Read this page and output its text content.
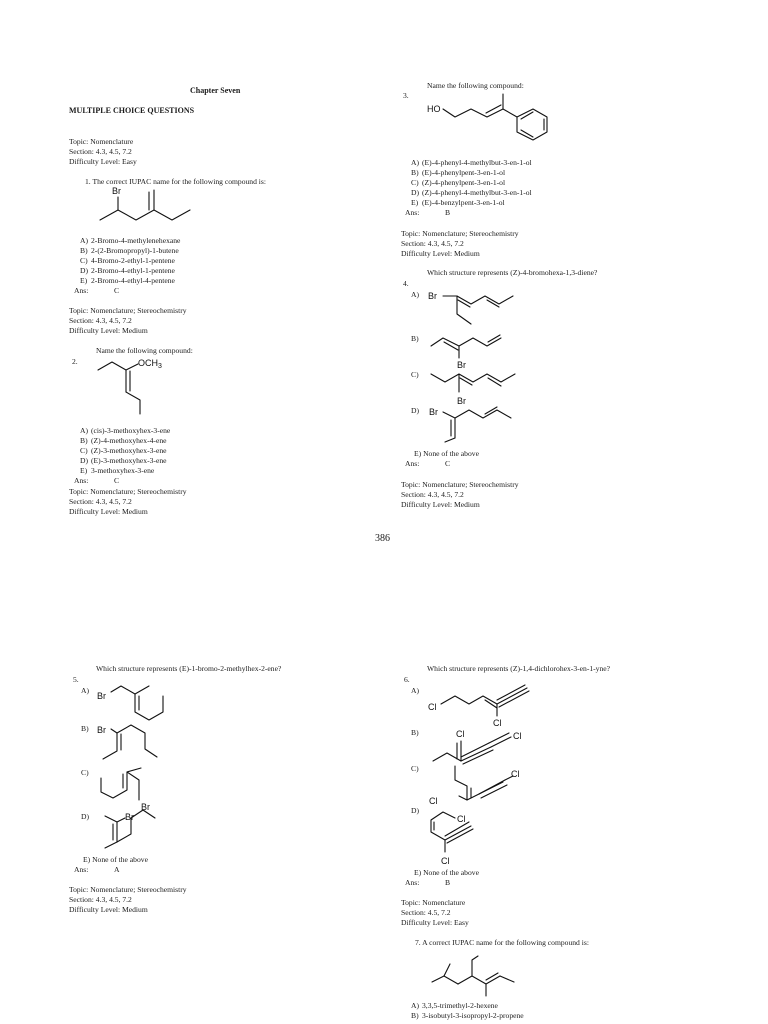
Chapter Seven
MULTIPLE CHOICE QUESTIONS
Topic: Nomenclature
Section: 4.3, 4.5, 7.2
Difficulty Level: Easy
1. The correct IUPAC name for the following compound is:
Br
A) 2-Bromo-4-methylenehexane
B) 2-(2-Bromopropyl)-1-butene
C) 4-Bromo-2-ethyl-1-pentene
D) 2-Bromo-4-ethyl-1-pentene
E) 2-Bromo-4-ethyl-4-pentene
Ans:	C
Topic: Nomenclature; Stereochemistry
Section: 4.3, 4.5, 7.2
Difficulty Level: Medium
Name the following compound:
2.	$OCH_3$
A) (cis)-3-methoxyhex-3-ene
B) (Z)-4-methoxyhex-4-ene
C) (Z)-3-methoxyhex-3-ene
D) (E)-3-methoxyhex-3-ene
E) 3-methoxyhex-3-ene
Ans:	C
Topic: Nomenclature; Stereochemistry
Section: 4.3, 4.5, 7.2
Difficulty Level: Medium
Name the following compound:
3.
HO
A) (E)-4-phenyl-4-methylbut-3-en-1-ol
B) (E)-4-phenylpent-3-en-1-ol
C) (Z)-4-phenylpent-3-en-1-ol
D) (Z)-4-phenyl-4-methylbut-3-en-1-ol
E) (E)-4-benzylpent-3-en-1-ol
Ans:	B
Topic: Nomenclature; Stereochemistry
Section: 4.3, 4.5, 7.2
Difficulty Level: Medium
Which structure represents (Z)-4-bromohexa-1,3-diene?
4.
A) Br
B)
Br
C)
Br
D) Br
E) None of the above
Ans:	C
Topic: Nomenclature; Stereochemistry
Section: 4.3, 4.5, 7.2
Difficulty Level: Medium
386
Which structure represents (E)-1-bromo-2-methylhex-2-ene?
5.
A)
Br
B) Br
C)
Br
D)	Br
E) None of the above
Ans:	A
Topic: Nomenclature; Stereochemistry
Section: 4.3, 4.5, 7.2
Difficulty Level: Medium
Which structure represents (Z)-1,4-dichlorohex-3-en-1-yne?
6.
A)
Cl
Cl
B)	Cl	Cl
C)
Cl
Cl
D)
Cl
Cl
E) None of the above
Ans:	B
Topic: Nomenclature
Section: 4.5, 7.2
Difficulty Level: Easy
7. A correct IUPAC name for the following compound is:
A) 3,3,5-trimethyl-2-hexene
B) 3-isobutyl-3-isopropyl-2-propene
